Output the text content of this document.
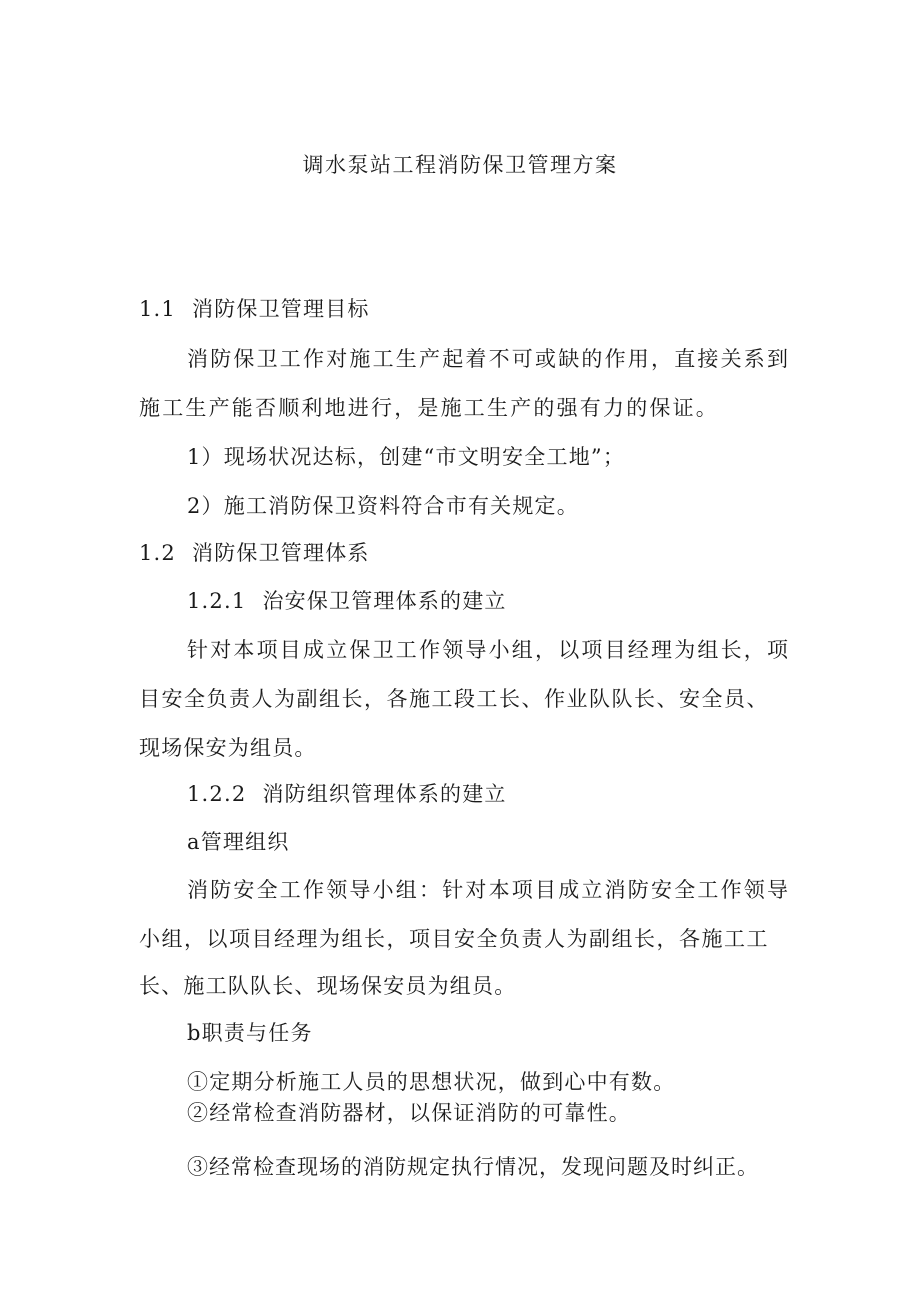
调水泵站工程消防保卫管理方案
1.1 消防保卫管理目标
消防保卫工作对施工生产起着不可或缺的作用，直接关系到
施工生产能否顺利地进行，是施工生产的强有力的保证。
1）现场状况达标，创建“市文明安全工地”；
2）施工消防保卫资料符合市有关规定。
1.2 消防保卫管理体系
1.2.1 治安保卫管理体系的建立
针对本项目成立保卫工作领导小组，以项目经理为组长，项
目安全负责人为副组长，各施工段工长、作业队队长、安全员、
现场保安为组员。
1.2.2 消防组织管理体系的建立
a管理组织
消防安全工作领导小组：针对本项目成立消防安全工作领导
小组，以项目经理为组长，项目安全负责人为副组长，各施工工
长、施工队队长、现场保安员为组员。
b职责与任务
①定期分析施工人员的思想状况，做到心中有数。
②经常检查消防器材，以保证消防的可靠性。
③经常检查现场的消防规定执行情况，发现问题及时纠正。
